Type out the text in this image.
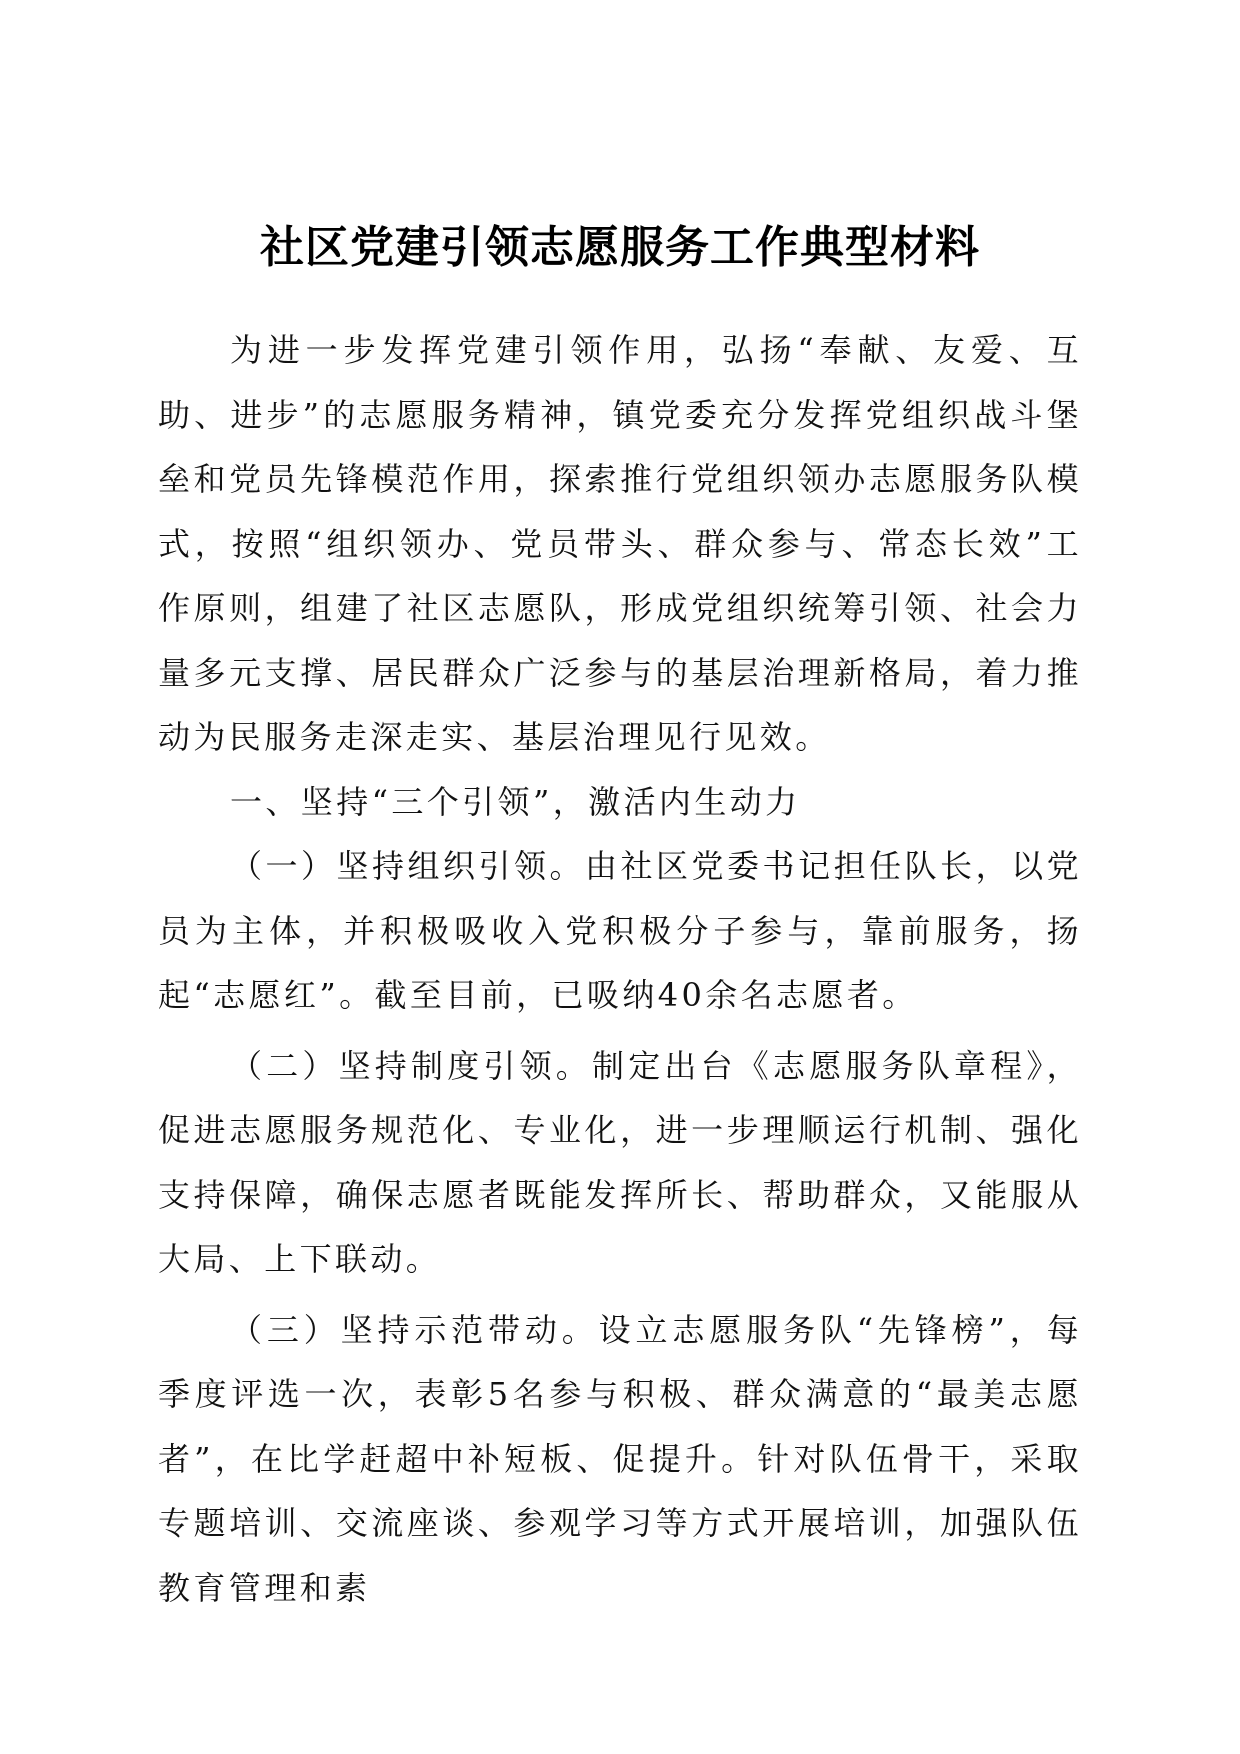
社区党建引领志愿服务工作典型材料

为进一步发挥党建引领作用，弘扬“奉献、友爱、互助、进步”的志愿服务精神，镇党委充分发挥党组织战斗堡垒和党员先锋模范作用，探索推行党组织领办志愿服务队模式，按照“组织领办、党员带头、群众参与、常态长效”工作原则，组建了社区志愿队，形成党组织统筹引领、社会力量多元支撑、居民群众广泛参与的基层治理新格局，着力推动为民服务走深走实、基层治理见行见效。

一、坚持“三个引领”，激活内生动力

（一）坚持组织引领。由社区党委书记担任队长，以党员为主体，并积极吸收入党积极分子参与，靠前服务，扬起“志愿红”。截至目前，已吸纳40余名志愿者。

（二）坚持制度引领。制定出台《志愿服务队章程》，促进志愿服务规范化、专业化，进一步理顺运行机制、强化支持保障，确保志愿者既能发挥所长、帮助群众，又能服从大局、上下联动。

（三）坚持示范带动。设立志愿服务队“先锋榜”，每季度评选一次，表彰5名参与积极、群众满意的“最美志愿者”，在比学赶超中补短板、促提升。针对队伍骨干，采取专题培训、交流座谈、参观学习等方式开展培训，加强队伍教育管理和素
